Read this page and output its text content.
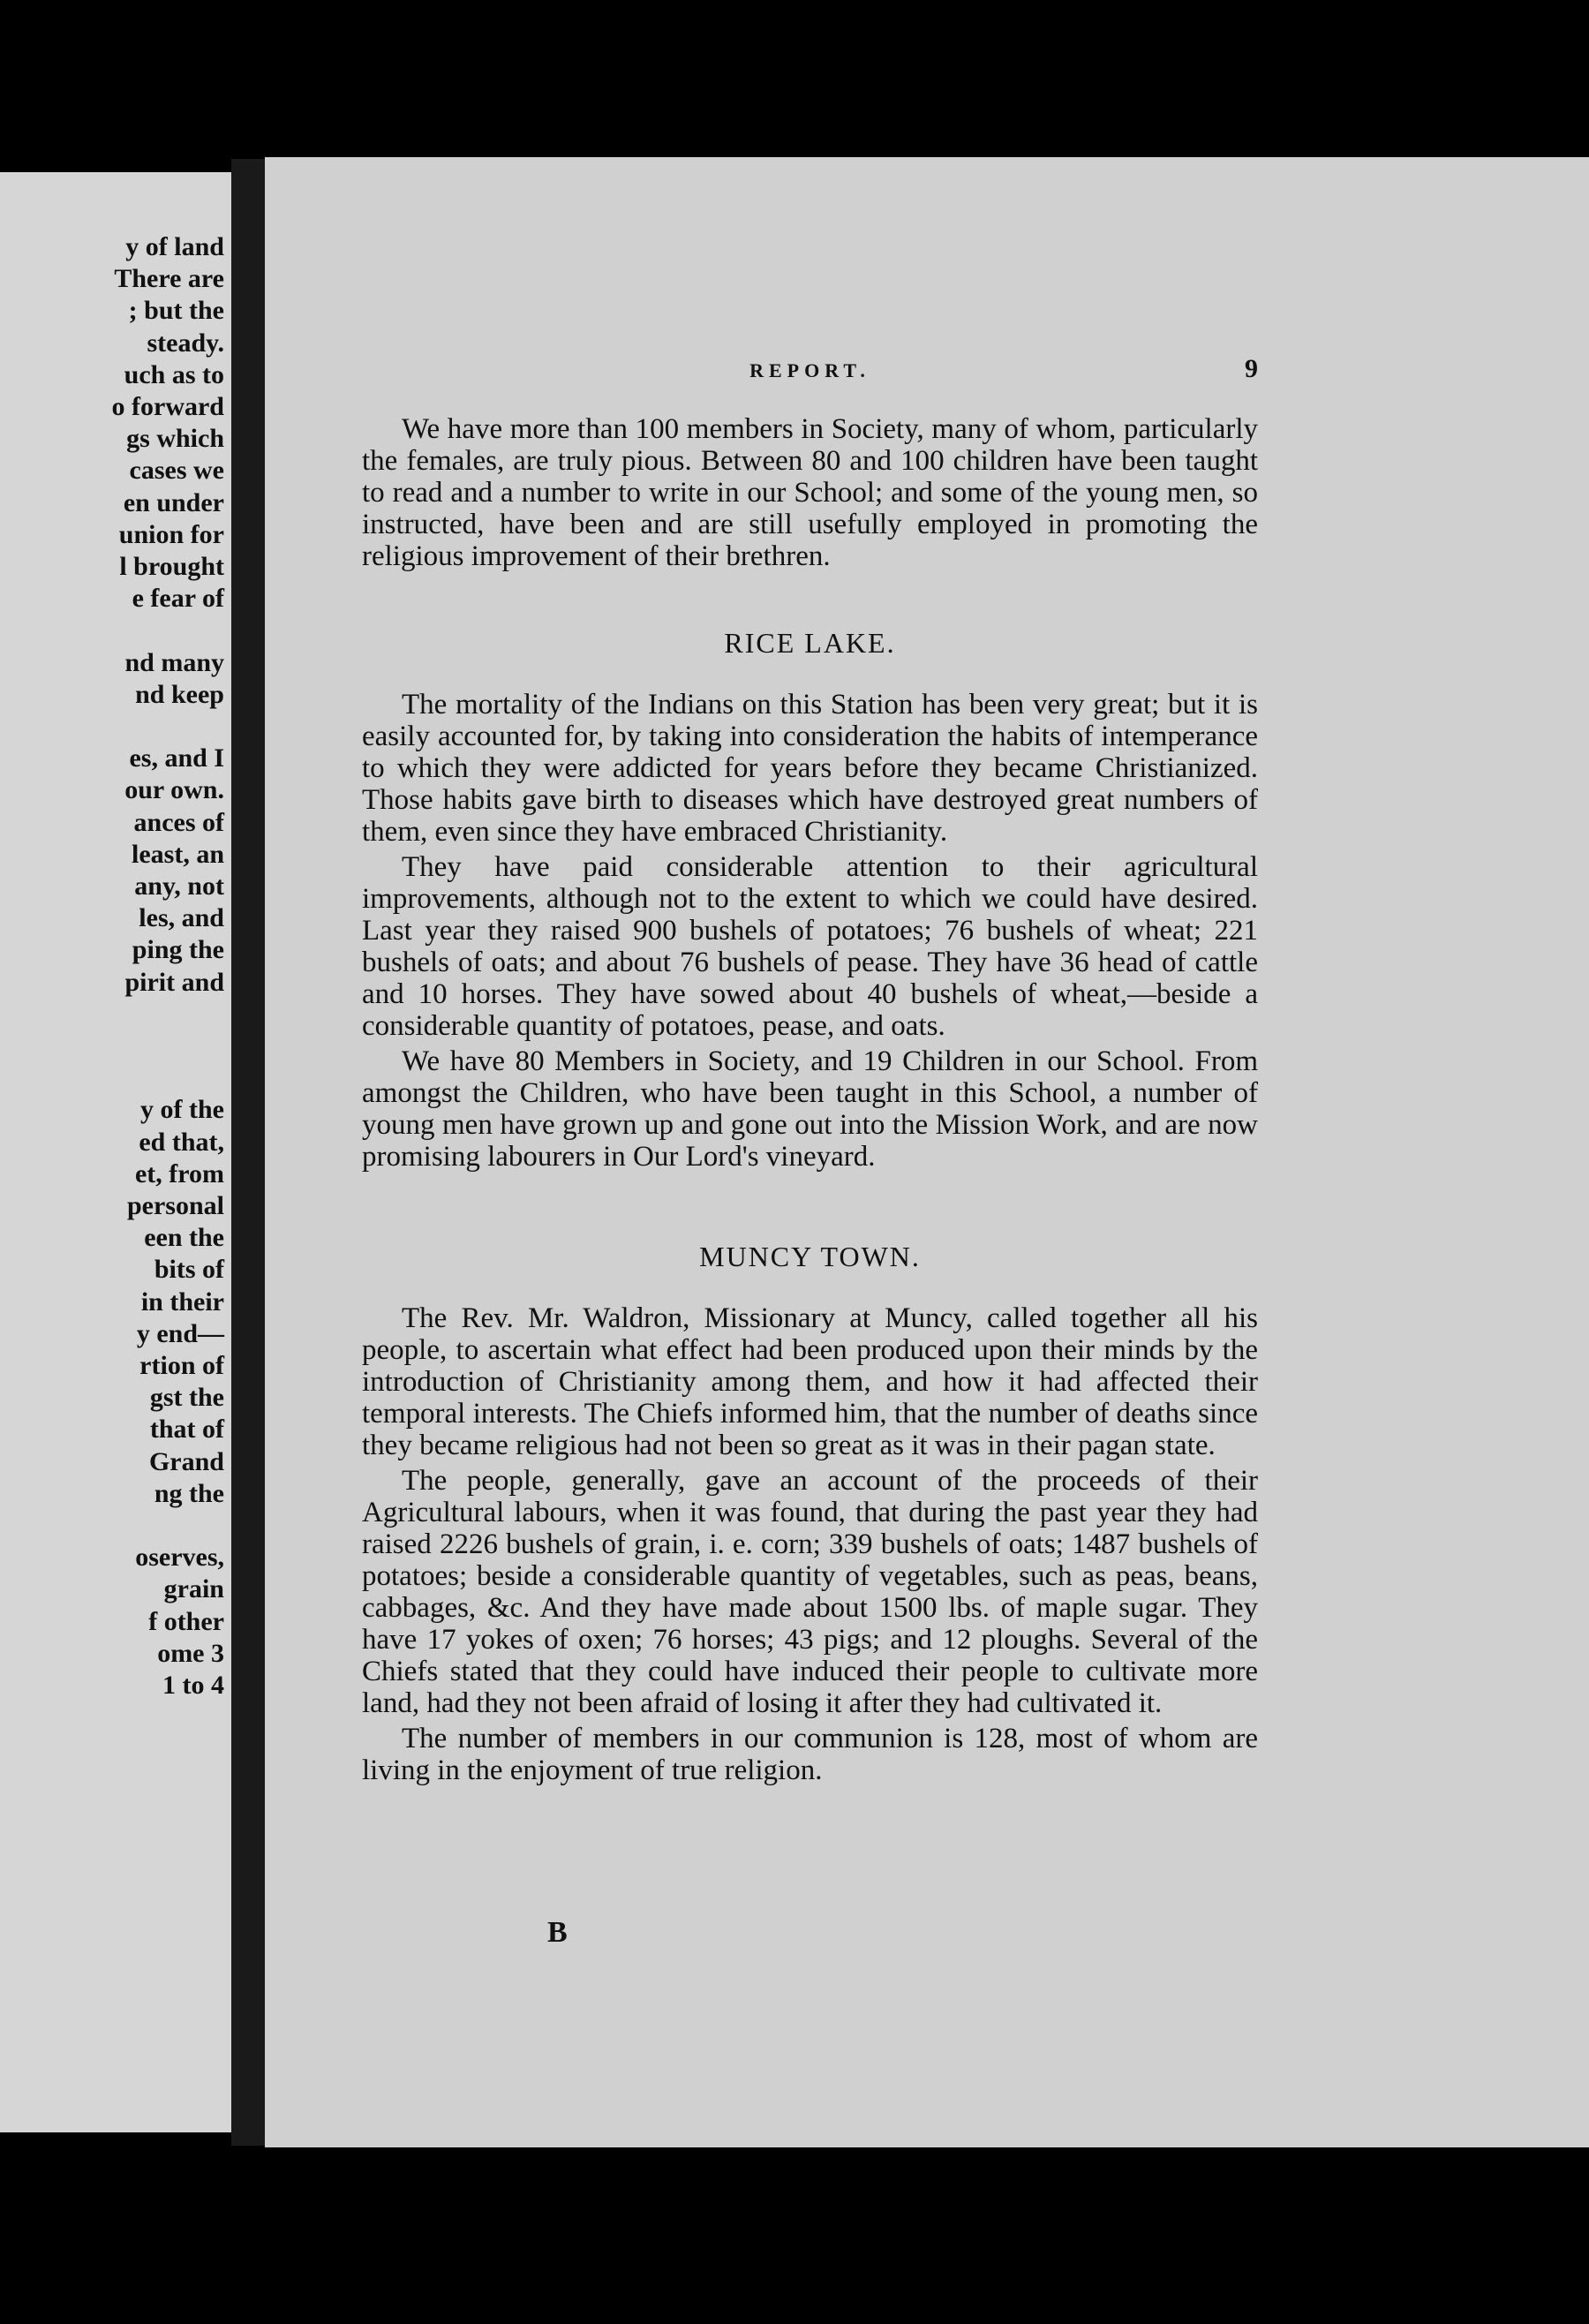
y of land
There are
; but the
steady.
uch as to
o forward
gs which
cases we
en under
union for
l brought
e fear of
nd many
nd keep
es, and I
our own.
ances of
least, an
any, not
les, and
ping the
pirit and
y of the
ed that,
et, from
personal
een the
bits of
in their
y end—
rtion of
gst the
that of
Grand
ng the
oserves,
grain
f other
ome 3
1 to 4
REPORT.	9

We have more than 100 members in Society, many of whom, particularly the females, are truly pious. Between 80 and 100 children have been taught to read and a number to write in our School; and some of the young men, so instructed, have been and are still usefully employed in promoting the religious improvement of their brethren.

RICE LAKE.

The mortality of the Indians on this Station has been very great; but it is easily accounted for, by taking into consideration the habits of intemperance to which they were addicted for years before they became Christianized. Those habits gave birth to diseases which have destroyed great numbers of them, even since they have embraced Christianity.

They have paid considerable attention to their agricultural improvements, although not to the extent to which we could have desired. Last year they raised 900 bushels of potatoes; 76 bushels of wheat; 221 bushels of oats; and about 76 bushels of pease. They have 36 head of cattle and 10 horses. They have sowed about 40 bushels of wheat,—beside a considerable quantity of potatoes, pease, and oats.

We have 80 Members in Society, and 19 Children in our School. From amongst the Children, who have been taught in this School, a number of young men have grown up and gone out into the Mission Work, and are now promising labourers in Our Lord's vineyard.

MUNCY TOWN.

The Rev. Mr. Waldron, Missionary at Muncy, called together all his people, to ascertain what effect had been produced upon their minds by the introduction of Christianity among them, and how it had affected their temporal interests. The Chiefs informed him, that the number of deaths since they became religious had not been so great as it was in their pagan state.

The people, generally, gave an account of the proceeds of their Agricultural labours, when it was found, that during the past year they had raised 2226 bushels of grain, i. e. corn; 339 bushels of oats; 1487 bushels of potatoes; beside a considerable quantity of vegetables, such as peas, beans, cabbages, &c. And they have made about 1500 lbs. of maple sugar. They have 17 yokes of oxen; 76 horses; 43 pigs; and 12 ploughs. Several of the Chiefs stated that they could have induced their people to cultivate more land, had they not been afraid of losing it after they had cultivated it.

The number of members in our communion is 128, most of whom are living in the enjoyment of true religion.

B
